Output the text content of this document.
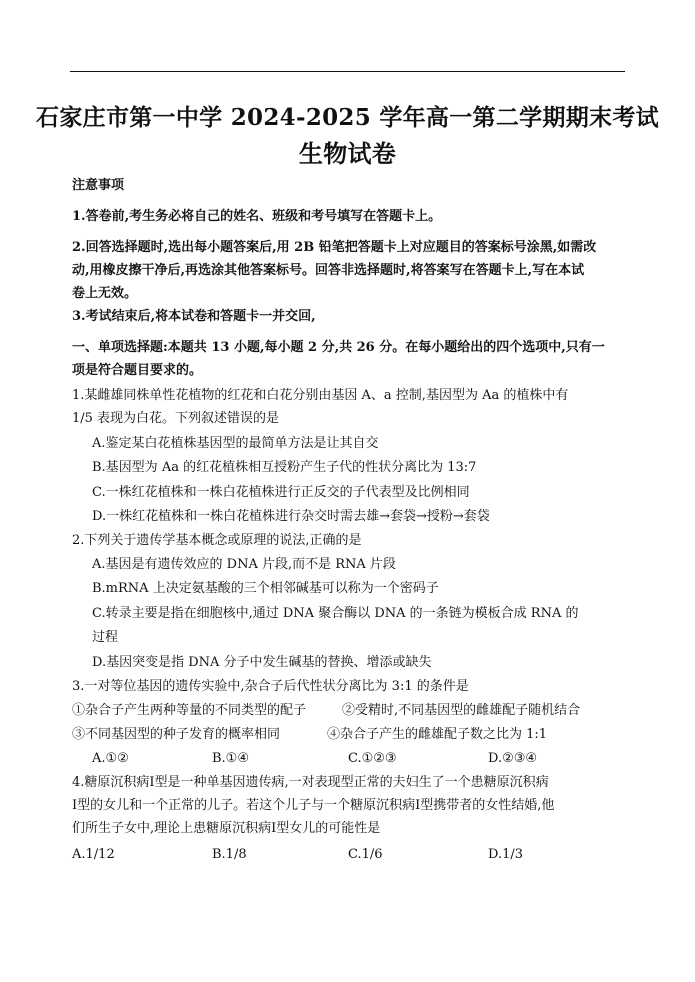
石家庄市第一中学 2024-2025 学年高一第二学期期末考试
生物试卷
注意事项
1.答卷前,考生务必将自己的姓名、班级和考号填写在答题卡上。
2.回答选择题时,选出每小题答案后,用 2B 铅笔把答题卡上对应题目的答案标号涂黑,如需改
动,用橡皮擦干净后,再选涂其他答案标号。回答非选择题时,将答案写在答题卡上,写在本试
卷上无效。
3.考试结束后,将本试卷和答题卡一并交回,
一、单项选择题:本题共 13 小题,每小题 2 分,共 26 分。在每小题给出的四个选项中,只有一
项是符合题目要求的。
1.某雌雄同株单性花植物的红花和白花分别由基因 A、a 控制,基因型为 Aa 的植株中有
1/5 表现为白花。下列叙述错误的是
A.鉴定某白花植株基因型的最简单方法是让其自交
B.基因型为 Aa 的红花植株相互授粉产生子代的性状分离比为 13:7
C.一株红花植株和一株白花植株进行正反交的子代表型及比例相同
D.一株红花植株和一株白花植株进行杂交时需去雄→套袋→授粉→套袋
2.下列关于遗传学基本概念或原理的说法,正确的是
A.基因是有遗传效应的 DNA 片段,而不是 RNA 片段
B.mRNA 上决定氨基酸的三个相邻碱基可以称为一个密码子
C.转录主要是指在细胞核中,通过 DNA 聚合酶以 DNA 的一条链为模板合成 RNA 的
过程
D.基因突变是指 DNA 分子中发生碱基的替换、增添或缺失
3.一对等位基因的遗传实验中,杂合子后代性状分离比为 3:1 的条件是
①杂合子产生两种等量的不同类型的配子	②受精时,不同基因型的雌雄配子随机结合
③不同基因型的种子发育的概率相同	④杂合子产生的雌雄配子数之比为 1:1
A.①②	B.①④	C.①②③	D.②③④
4.糖原沉积病Ⅰ型是一种单基因遗传病,一对表现型正常的夫妇生了一个患糖原沉积病
Ⅰ型的女儿和一个正常的儿子。若这个儿子与一个糖原沉积病Ⅰ型携带者的女性结婚,他
们所生子女中,理论上患糖原沉积病Ⅰ型女儿的可能性是
A.1/12	B.1/8	C.1/6	D.1/3
